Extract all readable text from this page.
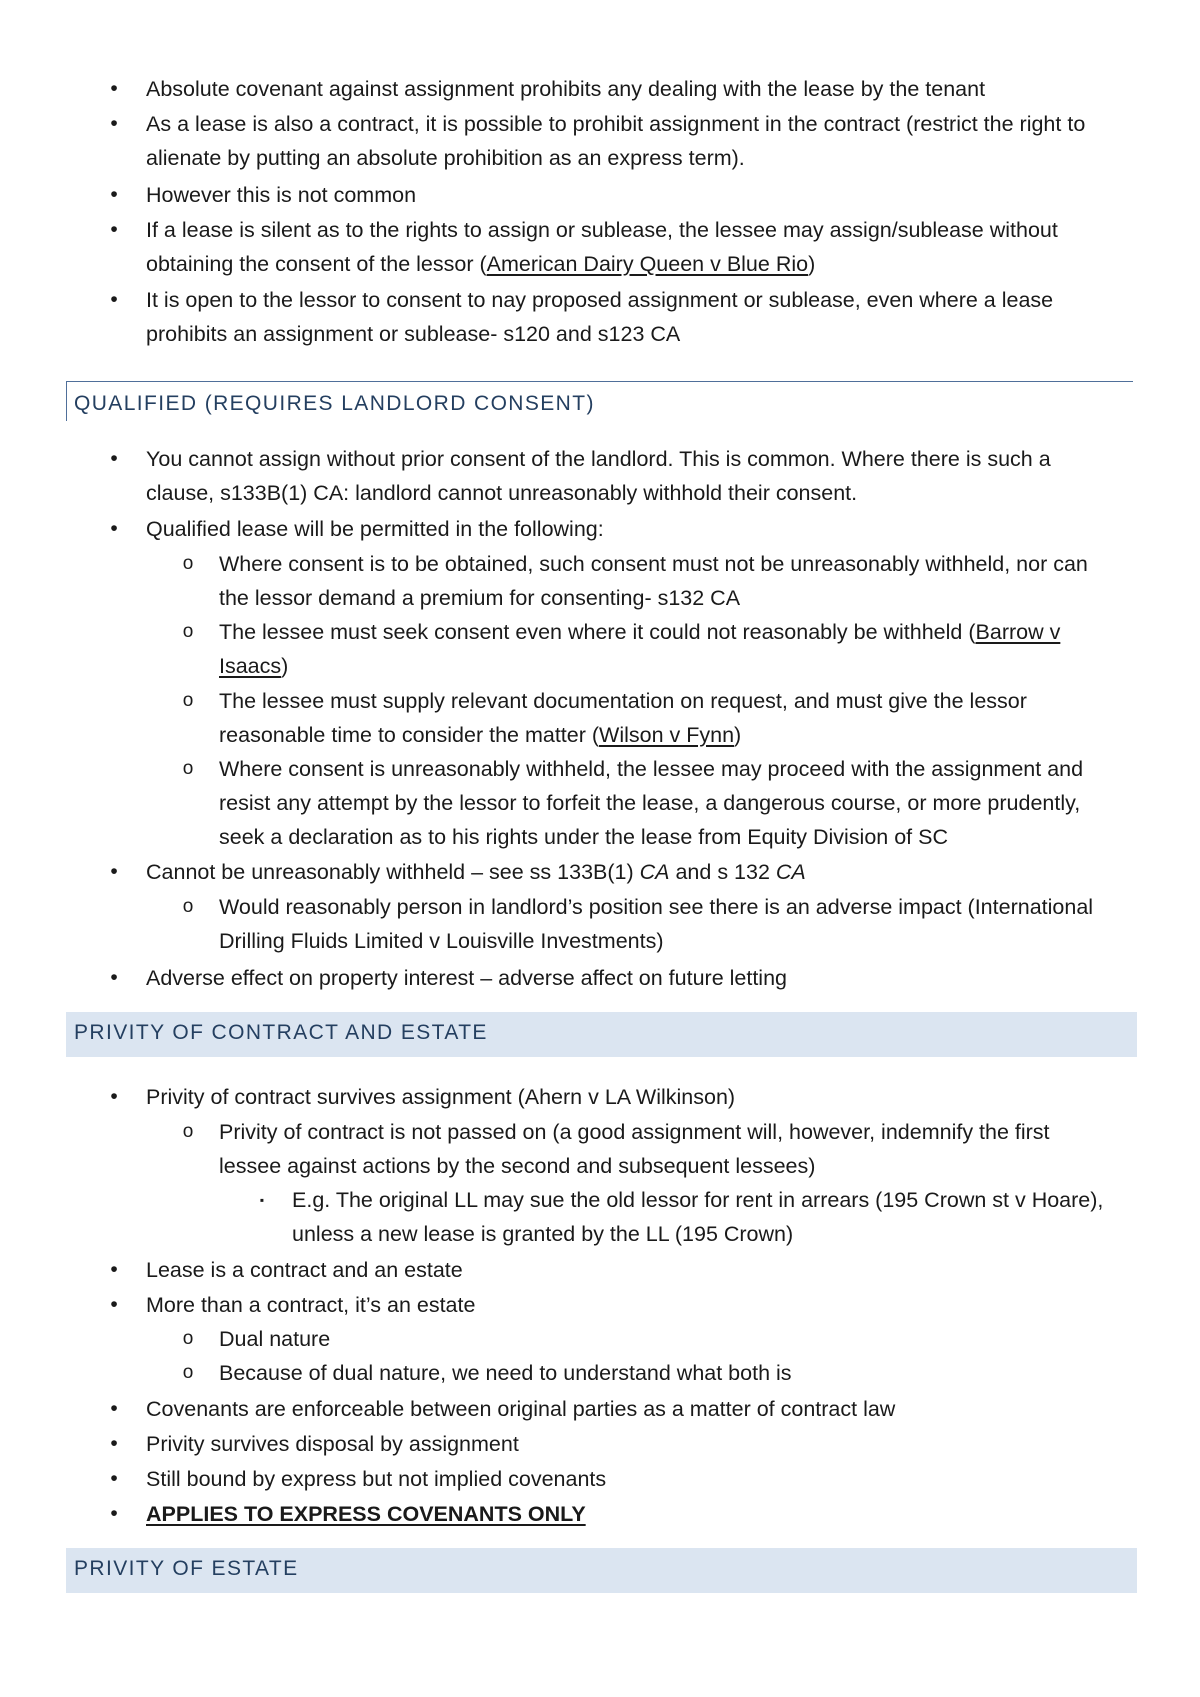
• Absolute covenant against assignment prohibits any dealing with the lease by the tenant
• As a lease is also a contract, it is possible to prohibit assignment in the contract (restrict the right to
alienate by putting an absolute prohibition as an express term).
• However this is not common
• If a lease is silent as to the rights to assign or sublease, the lessee may assign/sublease without
obtaining the consent of the lessor (American Dairy Queen v Blue Rio)
• It is open to the lessor to consent to nay proposed assignment or sublease, even where a lease
prohibits an assignment or sublease- s120 and s123 CA
QUALIFIED (REQUIRES LANDLORD CONSENT)
• You cannot assign without prior consent of the landlord. This is common. Where there is such a
clause, s133B(1) CA: landlord cannot unreasonably withhold their consent.
• Qualified lease will be permitted in the following:
o Where consent is to be obtained, such consent must not be unreasonably withheld, nor can
the lessor demand a premium for consenting- s132 CA
o The lessee must seek consent even where it could not reasonably be withheld (Barrow v
Isaacs)
o The lessee must supply relevant documentation on request, and must give the lessor
reasonable time to consider the matter (Wilson v Fynn)
o Where consent is unreasonably withheld, the lessee may proceed with the assignment and
resist any attempt by the lessor to forfeit the lease, a dangerous course, or more prudently,
seek a declaration as to his rights under the lease from Equity Division of SC
• Cannot be unreasonably withheld – see ss 133B(1) CA and s 132 CA
o Would reasonably person in landlord’s position see there is an adverse impact (International
Drilling Fluids Limited v Louisville Investments)
• Adverse effect on property interest – adverse affect on future letting
PRIVITY OF CONTRACT AND ESTATE
• Privity of contract survives assignment (Ahern v LA Wilkinson)
o Privity of contract is not passed on (a good assignment will, however, indemnify the first
lessee against actions by the second and subsequent lessees)
▪	E.g. The original LL may sue the old lessor for rent in arrears (195 Crown st v Hoare),
unless a new lease is granted by the LL (195 Crown)
• Lease is a contract and an estate
• More than a contract, it’s an estate
o Dual nature
o Because of dual nature, we need to understand what both is
• Covenants are enforceable between original parties as a matter of contract law
• Privity survives disposal by assignment
• Still bound by express but not implied covenants
• APPLIES TO EXPRESS COVENANTS ONLY
PRIVITY OF ESTATE
